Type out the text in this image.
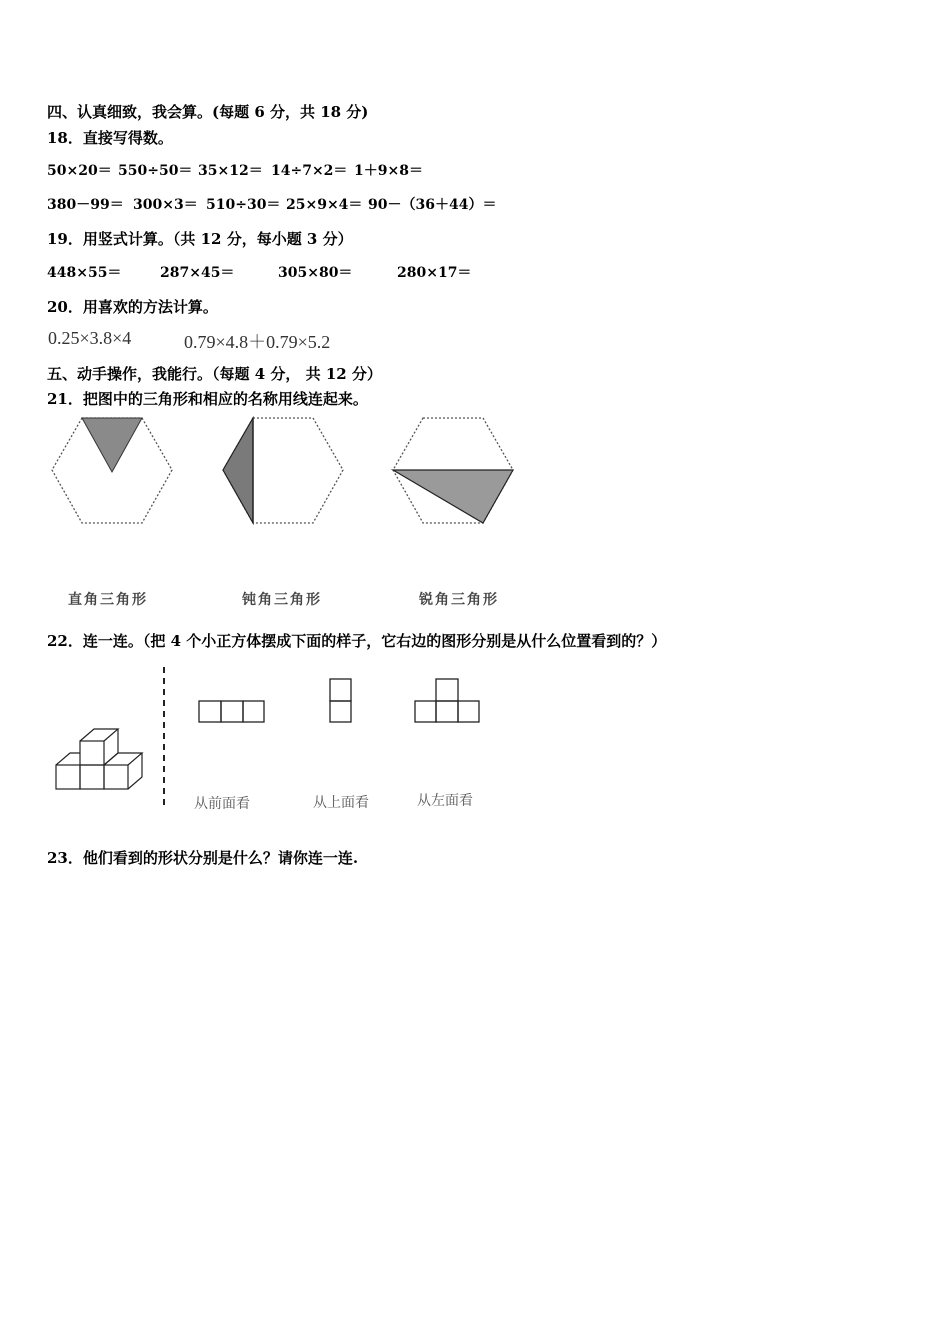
四、认真细致，我会算。(每题 6 分，共 18 分)
18．直接写得数。
50×20＝ 550÷50＝ 35×12＝ 14÷7×2＝ 1＋9×8＝
380－99＝ 300×3＝ 510÷30＝ 25×9×4＝ 90－（36＋44）＝
19．用竖式计算。（共 12 分，每小题 3 分）
448×55＝	287×45＝	305×80＝	280×17＝
20．用喜欢的方法计算。
0.25×3.8×4	0.79×4.8＋0.79×5.2
五、动手操作，我能行。（每题 4 分， 共 12 分）
21．把图中的三角形和相应的名称用线连起来。
直角三角形	钝角三角形	锐角三角形
22．连一连。（把 4 个小正方体摆成下面的样子，它右边的图形分别是从什么位置看到的？）
从前面看	从上面看	从左面看
23．他们看到的形状分别是什么？请你连一连.
